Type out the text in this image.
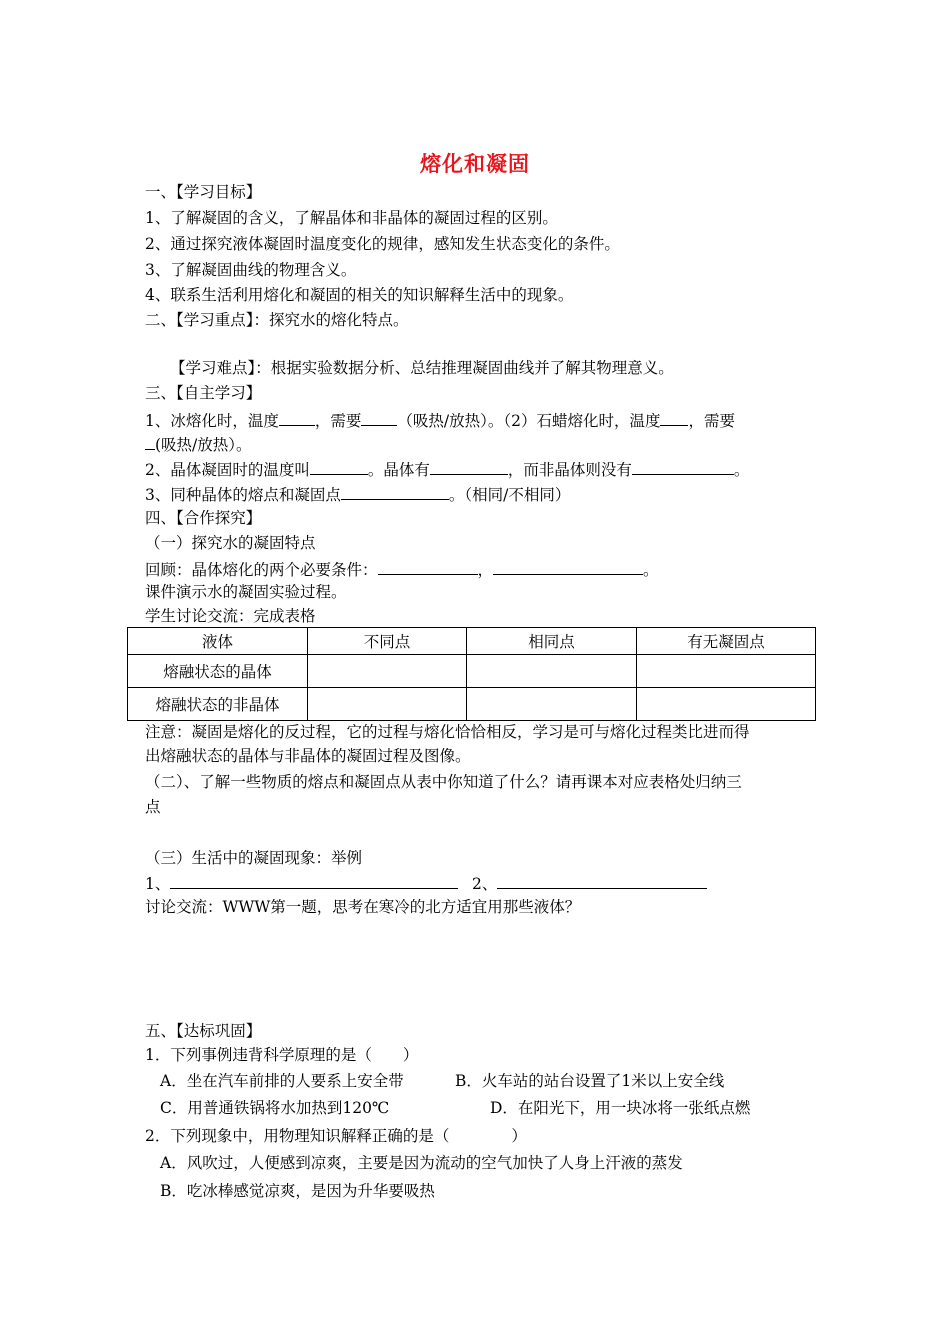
熔化和凝固
一、【学习目标】
1、了解凝固的含义，了解晶体和非晶体的凝固过程的区别。
2、通过探究液体凝固时温度变化的规律，感知发生状态变化的条件。
3、了解凝固曲线的物理含义。
4、联系生活利用熔化和凝固的相关的知识解释生活中的现象。
二、【学习重点】：探究水的熔化特点。
【学习难点】：根据实验数据分析、总结推理凝固曲线并了解其物理意义。
三、【自主学习】
1、冰熔化时，温度 ，需要 （吸热/放热）。（2）石蜡熔化时，温度 ，需要
(吸热/放热）。
2、晶体凝固时的温度叫	。晶体有	，而非晶体则没有	。
3、同种晶体的熔点和凝固点	。（相同/不相同）
四、【合作探究】
（一）探究水的凝固特点
回顾：晶体熔化的两个必要条件：	，	。
课件演示水的凝固实验过程。
学生讨论交流：完成表格
液体	不同点	相同点	有无凝固点
熔融状态的晶体			
熔融状态的非晶体			
注意：凝固是熔化的反过程，它的过程与熔化恰恰相反，学习是可与熔化过程类比进而得
出熔融状态的晶体与非晶体的凝固过程及图像。
（二）、了解一些物质的熔点和凝固点从表中你知道了什么？请再课本对应表格处归纳三
点
（三）生活中的凝固现象：举例
1、	2、
讨论交流：WWW第一题，思考在寒冷的北方适宜用那些液体？
五、【达标巩固】
1．下列事例违背科学原理的是（　　）
A．坐在汽车前排的人要系上安全带	B．火车站的站台设置了1米以上安全线
C．用普通铁锅将水加热到120℃	D．在阳光下，用一块冰将一张纸点燃
2．下列现象中，用物理知识解释正确的是（　　　　）
A．风吹过，人便感到凉爽，主要是因为流动的空气加快了人身上汗液的蒸发
B．吃冰棒感觉凉爽，是因为升华要吸热
